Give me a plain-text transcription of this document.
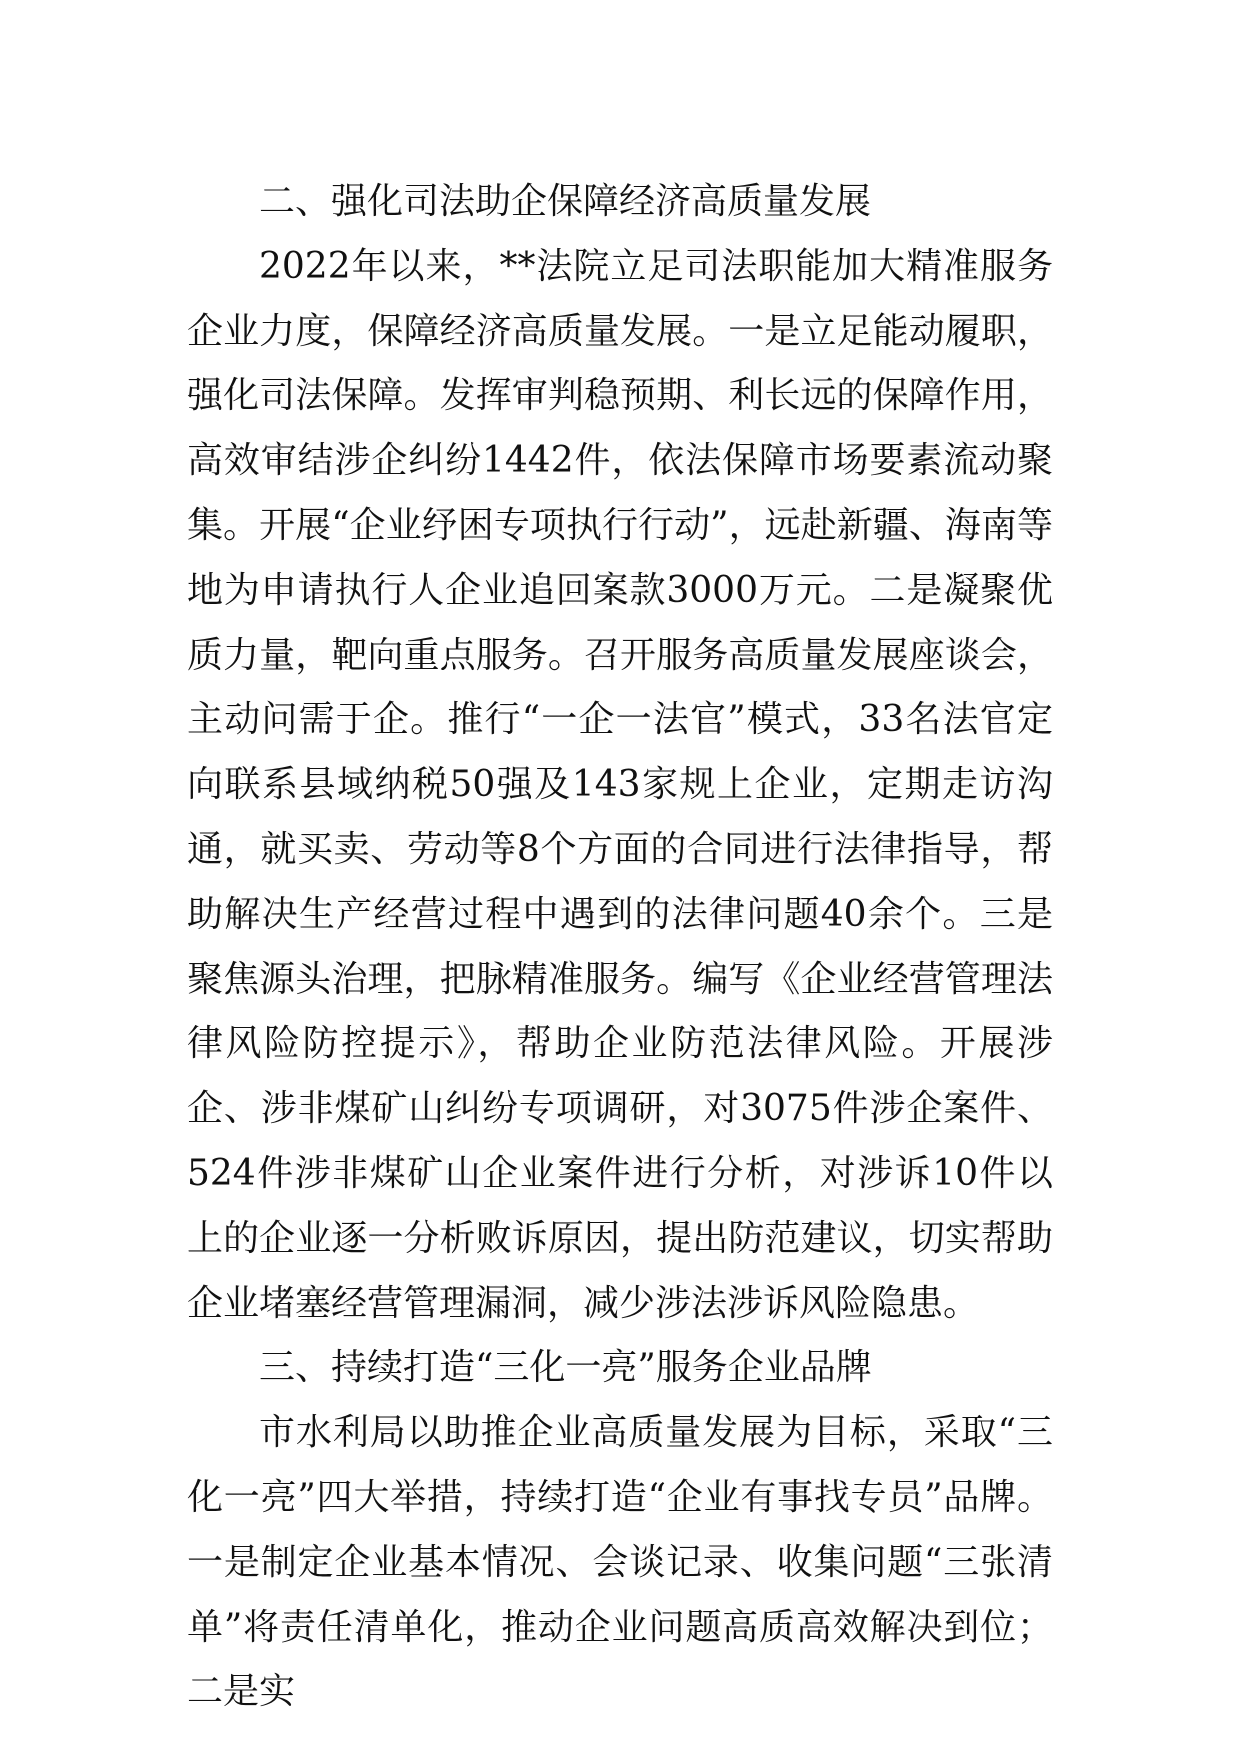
二、强化司法助企保障经济高质量发展

2022年以来，**法院立足司法职能加大精准服务企业力度，保障经济高质量发展。一是立足能动履职，强化司法保障。发挥审判稳预期、利长远的保障作用，高效审结涉企纠纷1442件，依法保障市场要素流动聚集。开展“企业纾困专项执行行动”，远赴新疆、海南等地为申请执行人企业追回案款3000万元。二是凝聚优质力量，靶向重点服务。召开服务高质量发展座谈会，主动问需于企。推行“一企一法官”模式，33名法官定向联系县域纳税50强及143家规上企业，定期走访沟通，就买卖、劳动等8个方面的合同进行法律指导，帮助解决生产经营过程中遇到的法律问题40余个。三是聚焦源头治理，把脉精准服务。编写《企业经营管理法律风险防控提示》，帮助企业防范法律风险。开展涉企、涉非煤矿山纠纷专项调研，对3075件涉企案件、524件涉非煤矿山企业案件进行分析，对涉诉10件以上的企业逐一分析败诉原因，提出防范建议，切实帮助企业堵塞经营管理漏洞，减少涉法涉诉风险隐患。

三、持续打造“三化一亮”服务企业品牌

市水利局以助推企业高质量发展为目标，采取“三化一亮”四大举措，持续打造“企业有事找专员”品牌。一是制定企业基本情况、会谈记录、收集问题“三张清单”将责任清单化，推动企业问题高质高效解决到位；二是实
